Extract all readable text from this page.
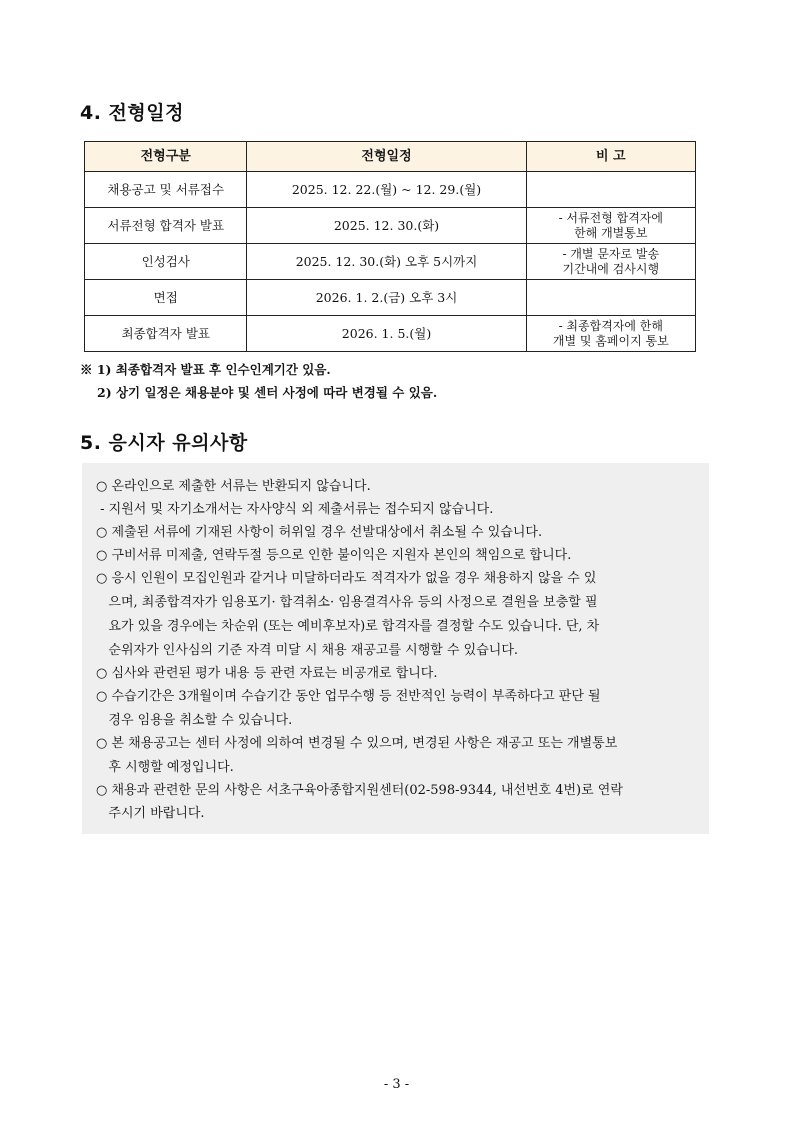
4. 전형일정
전형구분	전형일정	비 고
채용공고 및 서류접수	2025. 12. 22.(월) ~ 12. 29.(월)	

서류전형 합격자 발표	2025. 12. 30.(화)	- 서류전형 합격자에
한해 개별통보
인성검사	2025. 12. 30.(화) 오후 5시까지	- 개별 문자로 발송
기간내에 검사시행
면접	2026. 1. 2.(금) 오후 3시	

최종합격자 발표	2026. 1. 5.(월)	- 최종합격자에 한해
개별 및 홈페이지 통보
※ 1) 최종합격자 발표 후 인수인계기간 있음.
2) 상기 일정은 채용분야 및 센터 사정에 따라 변경될 수 있음.
5. 응시자 유의사항
○ 온라인으로 제출한 서류는 반환되지 않습니다.
- 지원서 및 자기소개서는 자사양식 외 제출서류는 접수되지 않습니다.
○ 제출된 서류에 기재된 사항이 허위일 경우 선발대상에서 취소될 수 있습니다.
○ 구비서류 미제출, 연락두절 등으로 인한 불이익은 지원자 본인의 책임으로 합니다.
○ 응시 인원이 모집인원과 같거나 미달하더라도 적격자가 없을 경우 채용하지 않을 수 있
으며, 최종합격자가 임용포기· 합격취소· 임용결격사유 등의 사정으로 결원을 보충할 필
요가 있을 경우에는 차순위 (또는 예비후보자)로 합격자를 결정할 수도 있습니다. 단, 차
순위자가 인사심의 기준 자격 미달 시 채용 재공고를 시행할 수 있습니다.
○ 심사와 관련된 평가 내용 등 관련 자료는 비공개로 합니다.
○ 수습기간은 3개월이며 수습기간 동안 업무수행 등 전반적인 능력이 부족하다고 판단 될
경우 임용을 취소할 수 있습니다.
○ 본 채용공고는 센터 사정에 의하여 변경될 수 있으며, 변경된 사항은 재공고 또는 개별통보
후 시행할 예정입니다.
○ 채용과 관련한 문의 사항은 서초구육아종합지원센터(02-598-9344, 내선번호 4번)로 연락
주시기 바랍니다.
- 3 -
